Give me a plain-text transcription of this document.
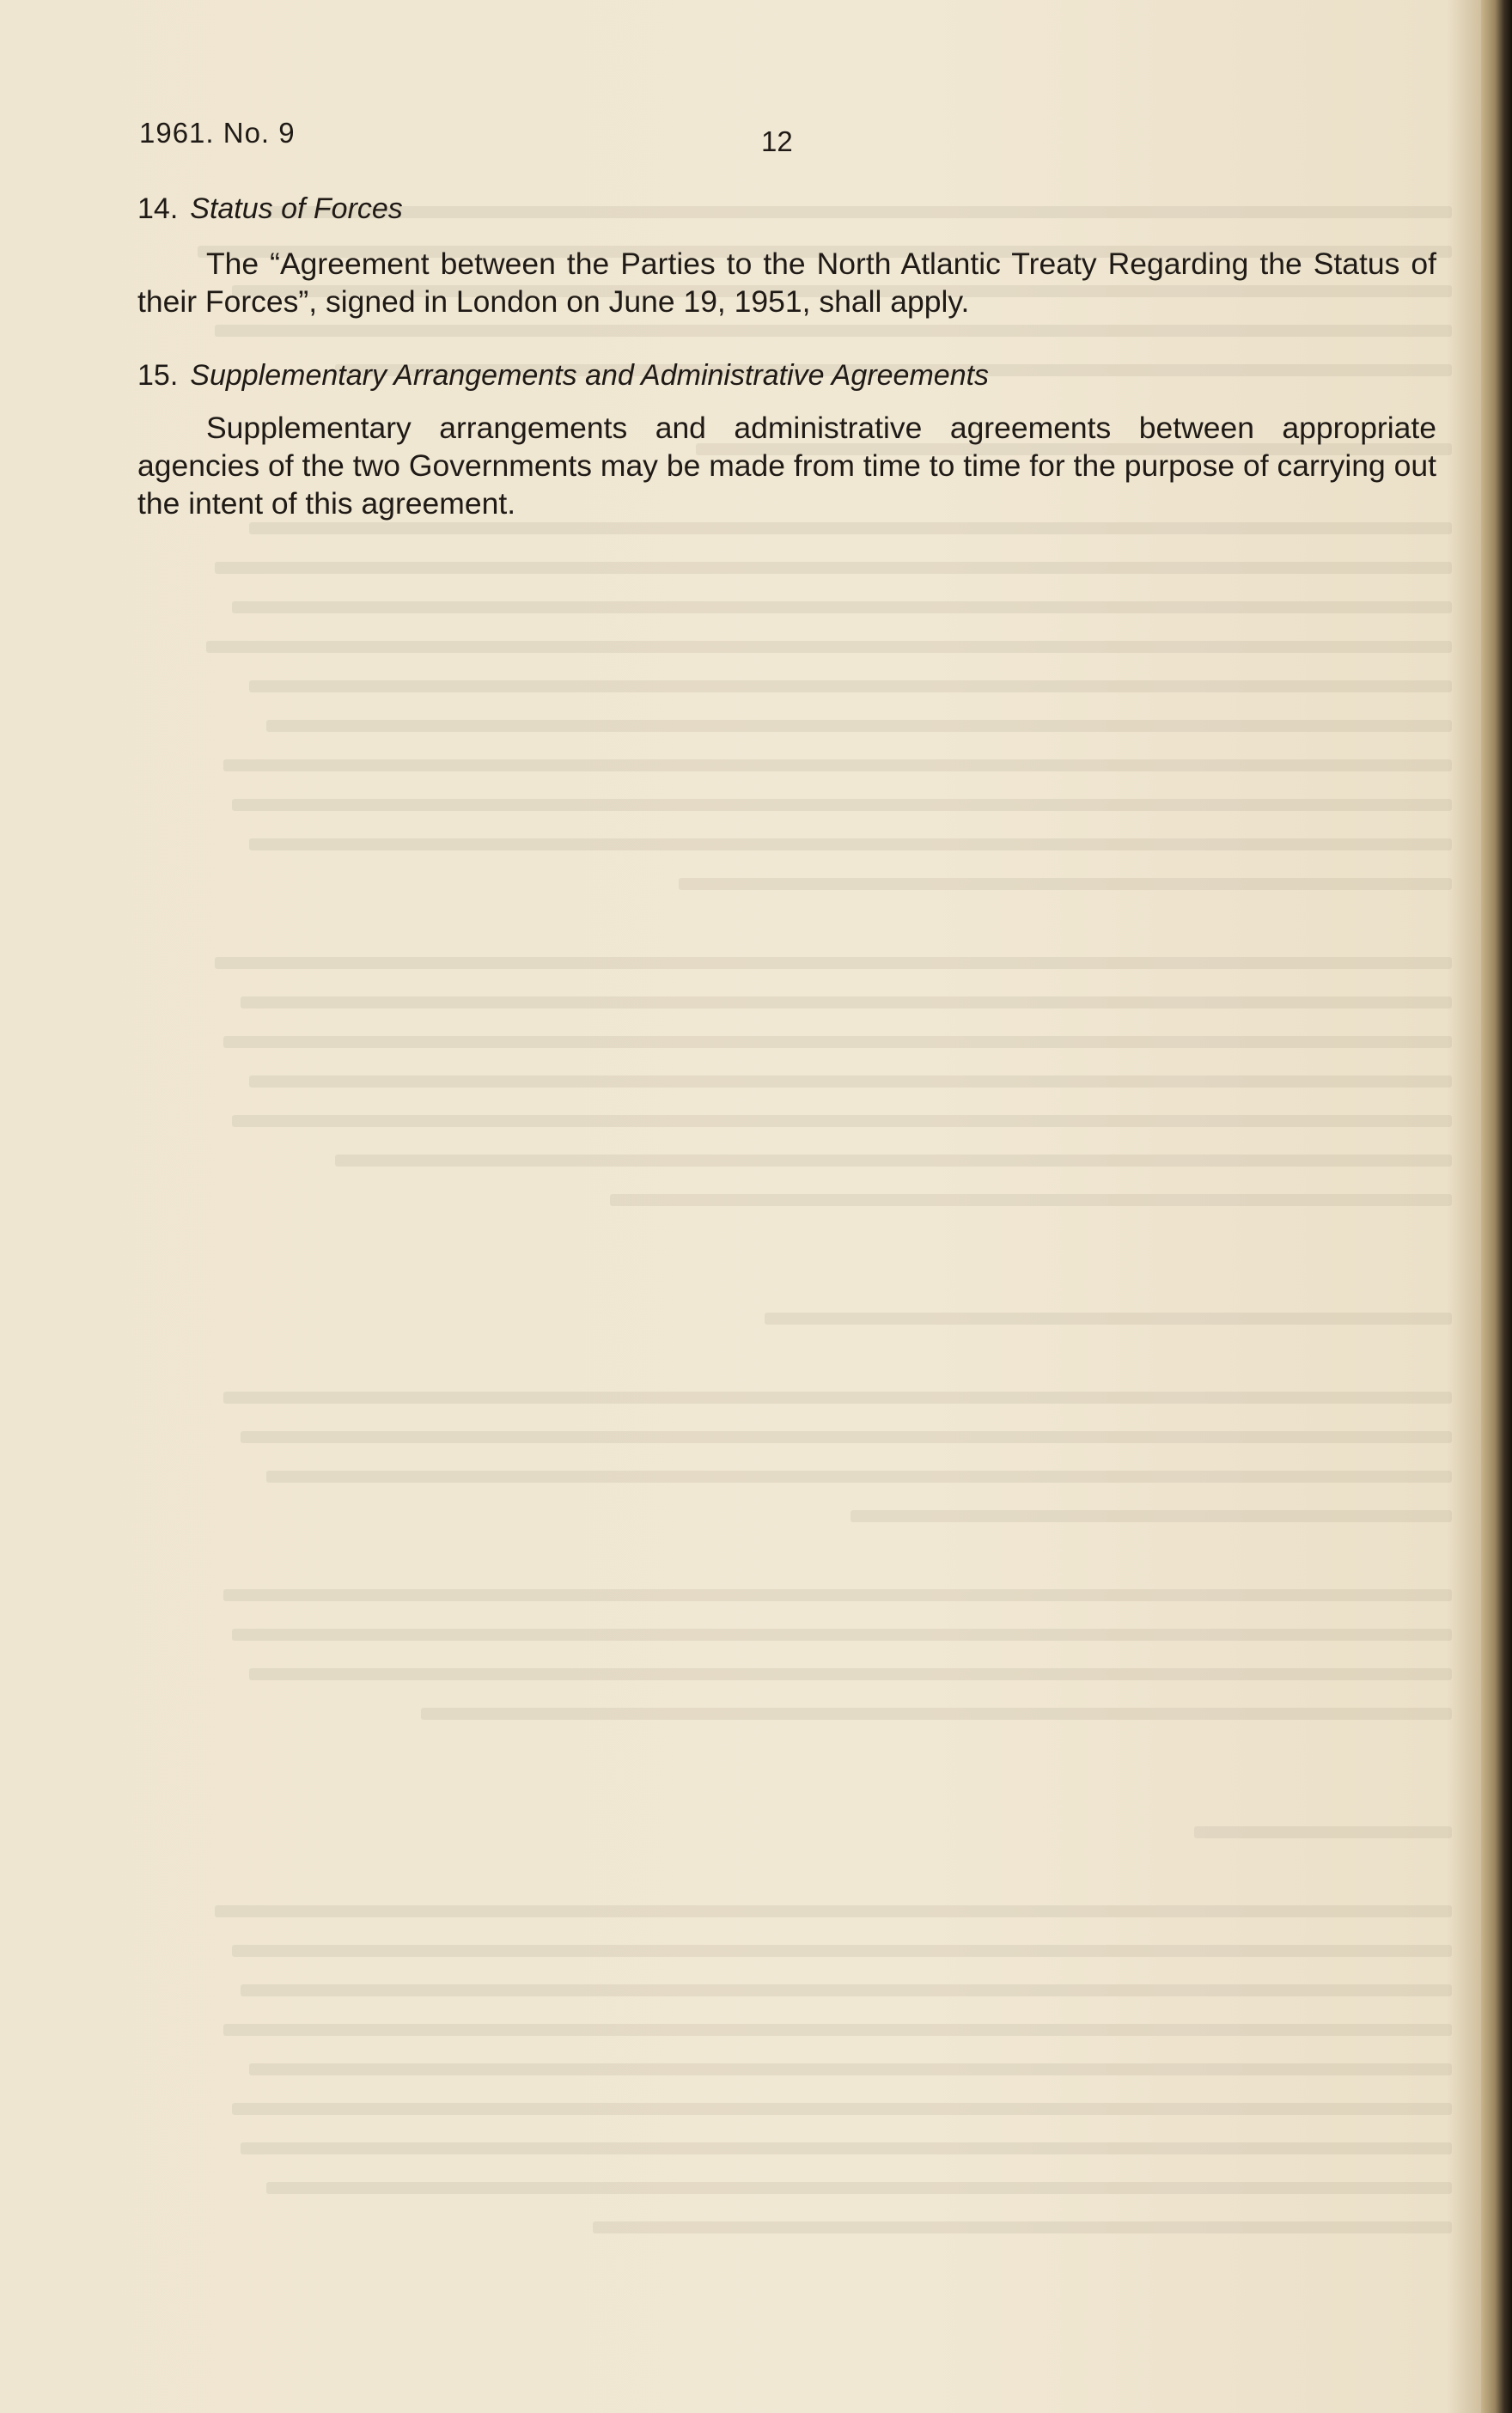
1961. No. 9	12
14. Status of Forces
The “Agreement between the Parties to the North Atlantic Treaty Regarding the Status of their Forces”, signed in London on June 19, 1951, shall apply.
15. Supplementary Arrangements and Administrative Agreements
Supplementary arrangements and administrative agreements between appropriate agencies of the two Governments may be made from time to time for the purpose of carrying out the intent of this agreement.
